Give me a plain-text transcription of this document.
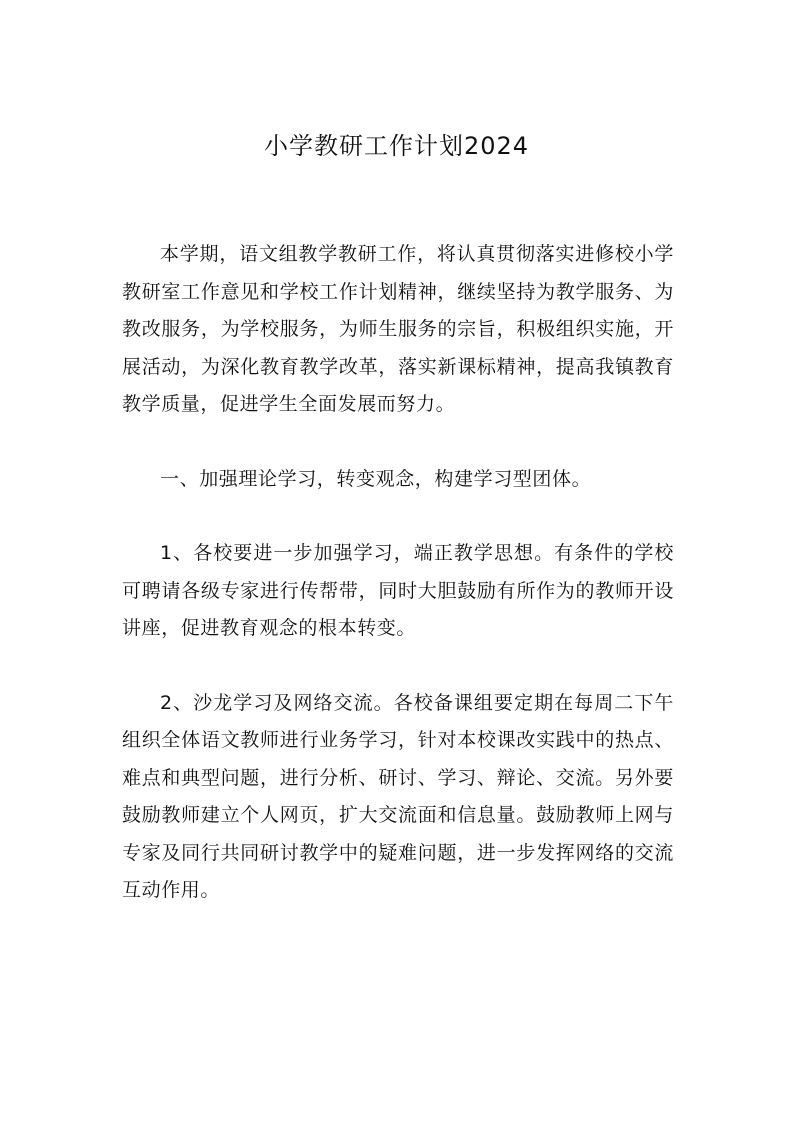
小学教研工作计划2024

本学期，语文组教学教研工作，将认真贯彻落实进修校小学教研室工作意见和学校工作计划精神，继续坚持为教学服务、为教改服务，为学校服务，为师生服务的宗旨，积极组织实施，开展活动，为深化教育教学改革，落实新课标精神，提高我镇教育教学质量，促进学生全面发展而努力。

一、加强理论学习，转变观念，构建学习型团体。

1、各校要进一步加强学习，端正教学思想。有条件的学校可聘请各级专家进行传帮带，同时大胆鼓励有所作为的教师开设讲座，促进教育观念的根本转变。

2、沙龙学习及网络交流。各校备课组要定期在每周二下午组织全体语文教师进行业务学习，针对本校课改实践中的热点、难点和典型问题，进行分析、研讨、学习、辩论、交流。另外要鼓励教师建立个人网页，扩大交流面和信息量。鼓励教师上网与专家及同行共同研讨教学中的疑难问题，进一步发挥网络的交流互动作用。
